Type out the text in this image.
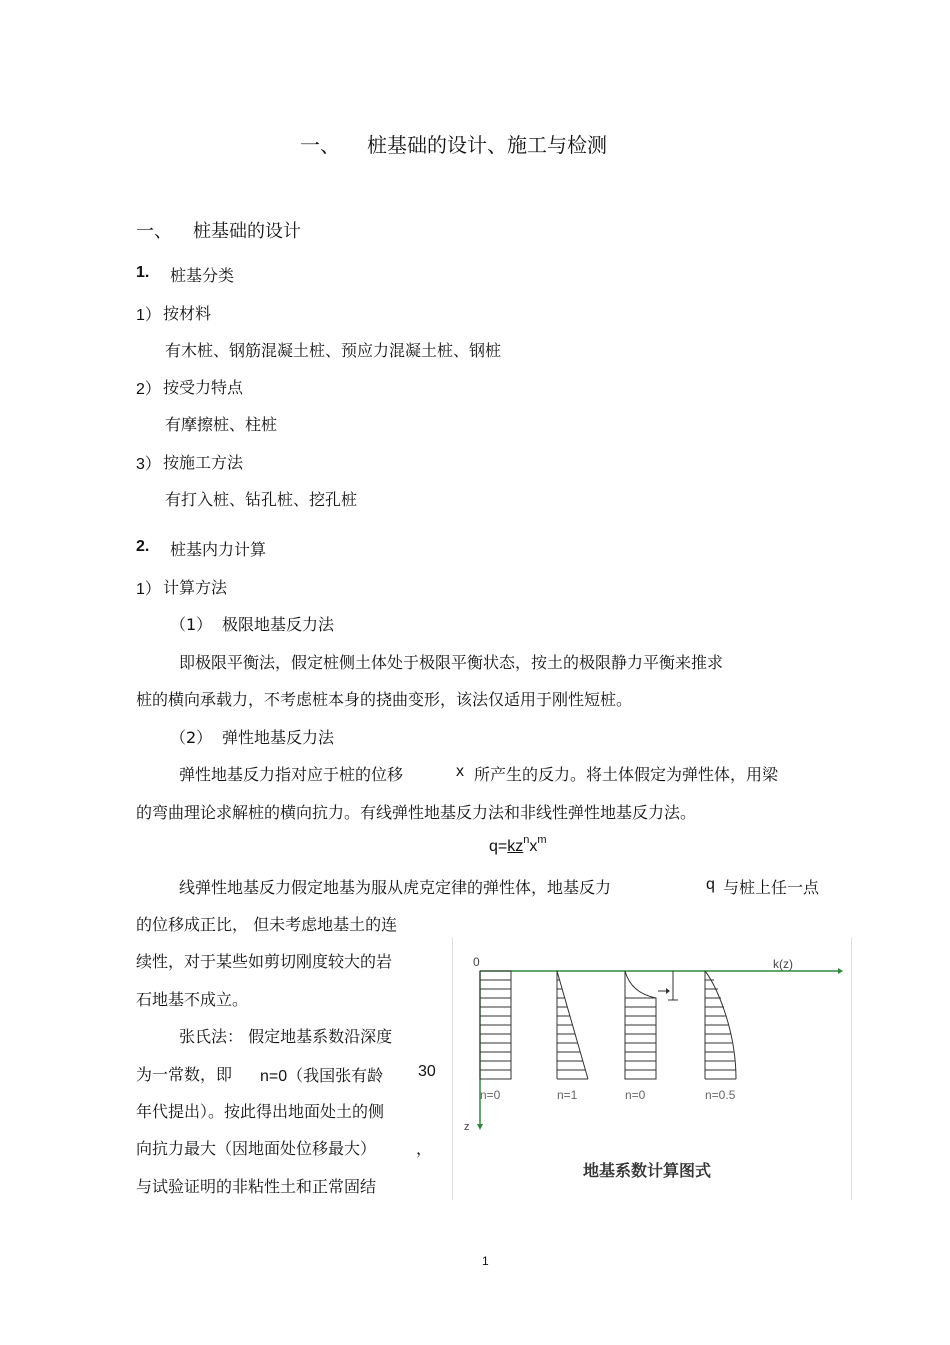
一、 桩基础的设计、施工与检测
一、 桩基础的设计
1. 桩基分类
1） 按材料
有木桩、钢筋混凝土桩、预应力混凝土桩、钢桩
2） 按受力特点
有摩擦桩、柱桩
3） 按施工方法
有打入桩、钻孔桩、挖孔桩
2. 桩基内力计算
1） 计算方法
（1） 极限地基反力法
即极限平衡法，假定桩侧土体处于极限平衡状态，按土的极限静力平衡来推求
桩的横向承载力，不考虑桩本身的挠曲变形，该法仅适用于刚性短桩。
（2） 弹性地基反力法
弹性地基反力指对应于桩的位移	x 所产生的反力。将土体假定为弹性体，用梁
的弯曲理论求解桩的横向抗力。有线弹性地基反力法和非线性弹性地基反力法。
$q=kz^nx^m$
线弹性地基反力假定地基为服从虎克定律的弹性体，地基反力	q 与桩上任一点
的位移成正比， 但未考虑地基土的连
续性，对于某些如剪切刚度较大的岩
石地基不成立。
张氏法： 假定地基系数沿深度
为一常数，即 n=0（我国张有龄 30
年代提出）。按此得出地面处土的侧
向抗力最大（因地面处位移最大） ，
与试验证明的非粘性土和正常固结
0	k(z)
z
n=0	n=1	n=0	n=0.5
地基系数计算图式
1
